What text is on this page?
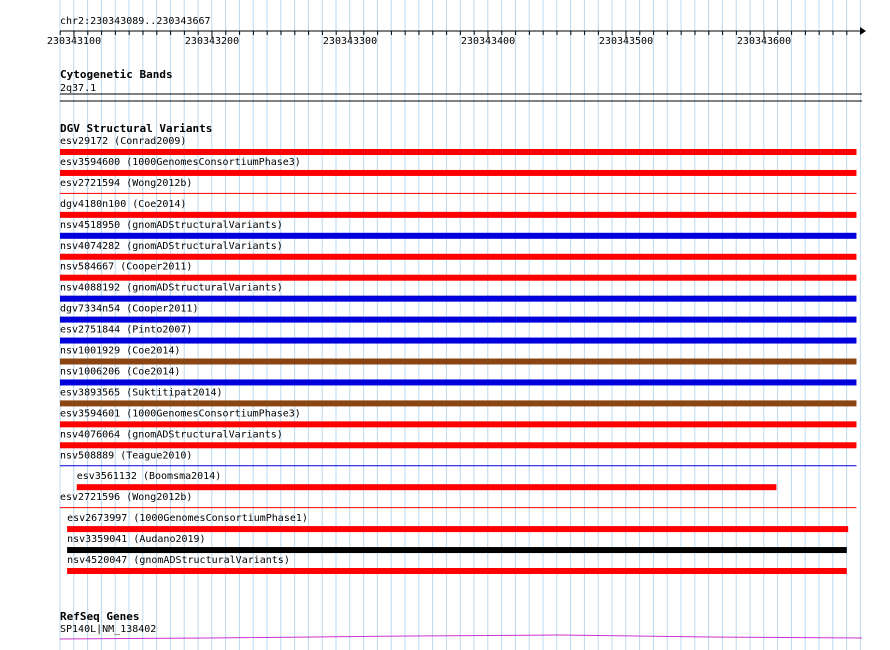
chr2:230343089..230343667
230343100	230343200	230343300	230343400	230343500	230343600
Cytogenetic Bands
2q37.1
DGV Structural Variants
esv29172 (Conrad2009)
esv3594600 (1000GenomesConsortiumPhase3)
esv2721594 (Wong2012b)
dgv4180n100 (Coe2014)
nsv4518950 (gnomADStructuralVariants)
nsv4074282 (gnomADStructuralVariants)
nsv584667 (Cooper2011)
nsv4088192 (gnomADStructuralVariants)
dgv7334n54 (Cooper2011)
esv2751844 (Pinto2007)
nsv1001929 (Coe2014)
nsv1006206 (Coe2014)
esv3893565 (Suktitipat2014)
esv3594601 (1000GenomesConsortiumPhase3)
nsv4076064 (gnomADStructuralVariants)
nsv508889 (Teague2010)
esv3561132 (Boomsma2014)
esv2721596 (Wong2012b)
esv2673997 (1000GenomesConsortiumPhase1)
nsv3359041 (Audano2019)
nsv4520047 (gnomADStructuralVariants)
RefSeq Genes
SP140L|NM_138402
